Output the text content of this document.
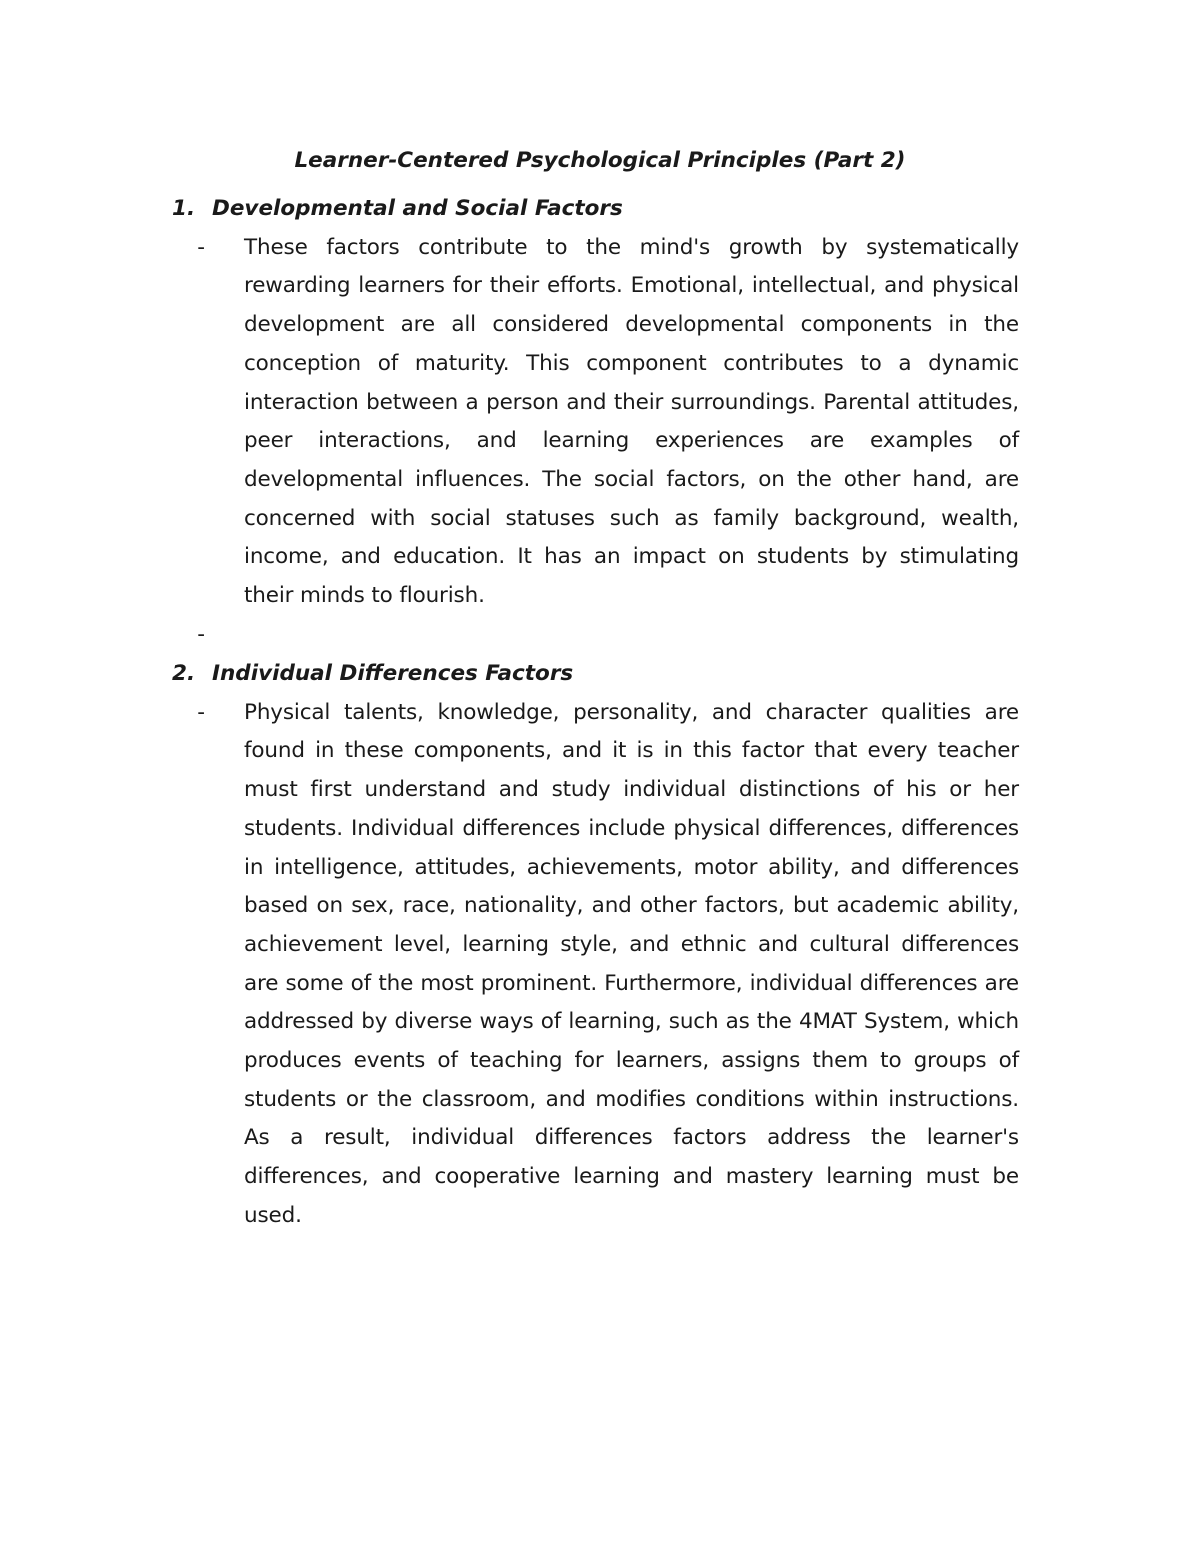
Learner-Centered Psychological Principles (Part 2)
1. Developmental and Social Factors
-	These factors contribute to the mind's growth by systematically rewarding learners for their efforts. Emotional, intellectual, and physical development are all considered developmental components in the conception of maturity. This component contributes to a dynamic interaction between a person and their surroundings. Parental attitudes, peer interactions, and learning experiences are examples of developmental influences. The social factors, on the other hand, are concerned with social statuses such as family background, wealth, income, and education. It has an impact on students by stimulating their minds to flourish.

-

2. Individual Differences Factors
-	Physical talents, knowledge, personality, and character qualities are found in these components, and it is in this factor that every teacher must first understand and study individual distinctions of his or her students. Individual differences include physical differences, differences in intelligence, attitudes, achievements, motor ability, and differences based on sex, race, nationality, and other factors, but academic ability, achievement level, learning style, and ethnic and cultural differences are some of the most prominent. Furthermore, individual differences are addressed by diverse ways of learning, such as the 4MAT System, which produces events of teaching for learners, assigns them to groups of students or the classroom, and modifies conditions within instructions. As a result, individual differences factors address the learner's differences, and cooperative learning and mastery learning must be used.
